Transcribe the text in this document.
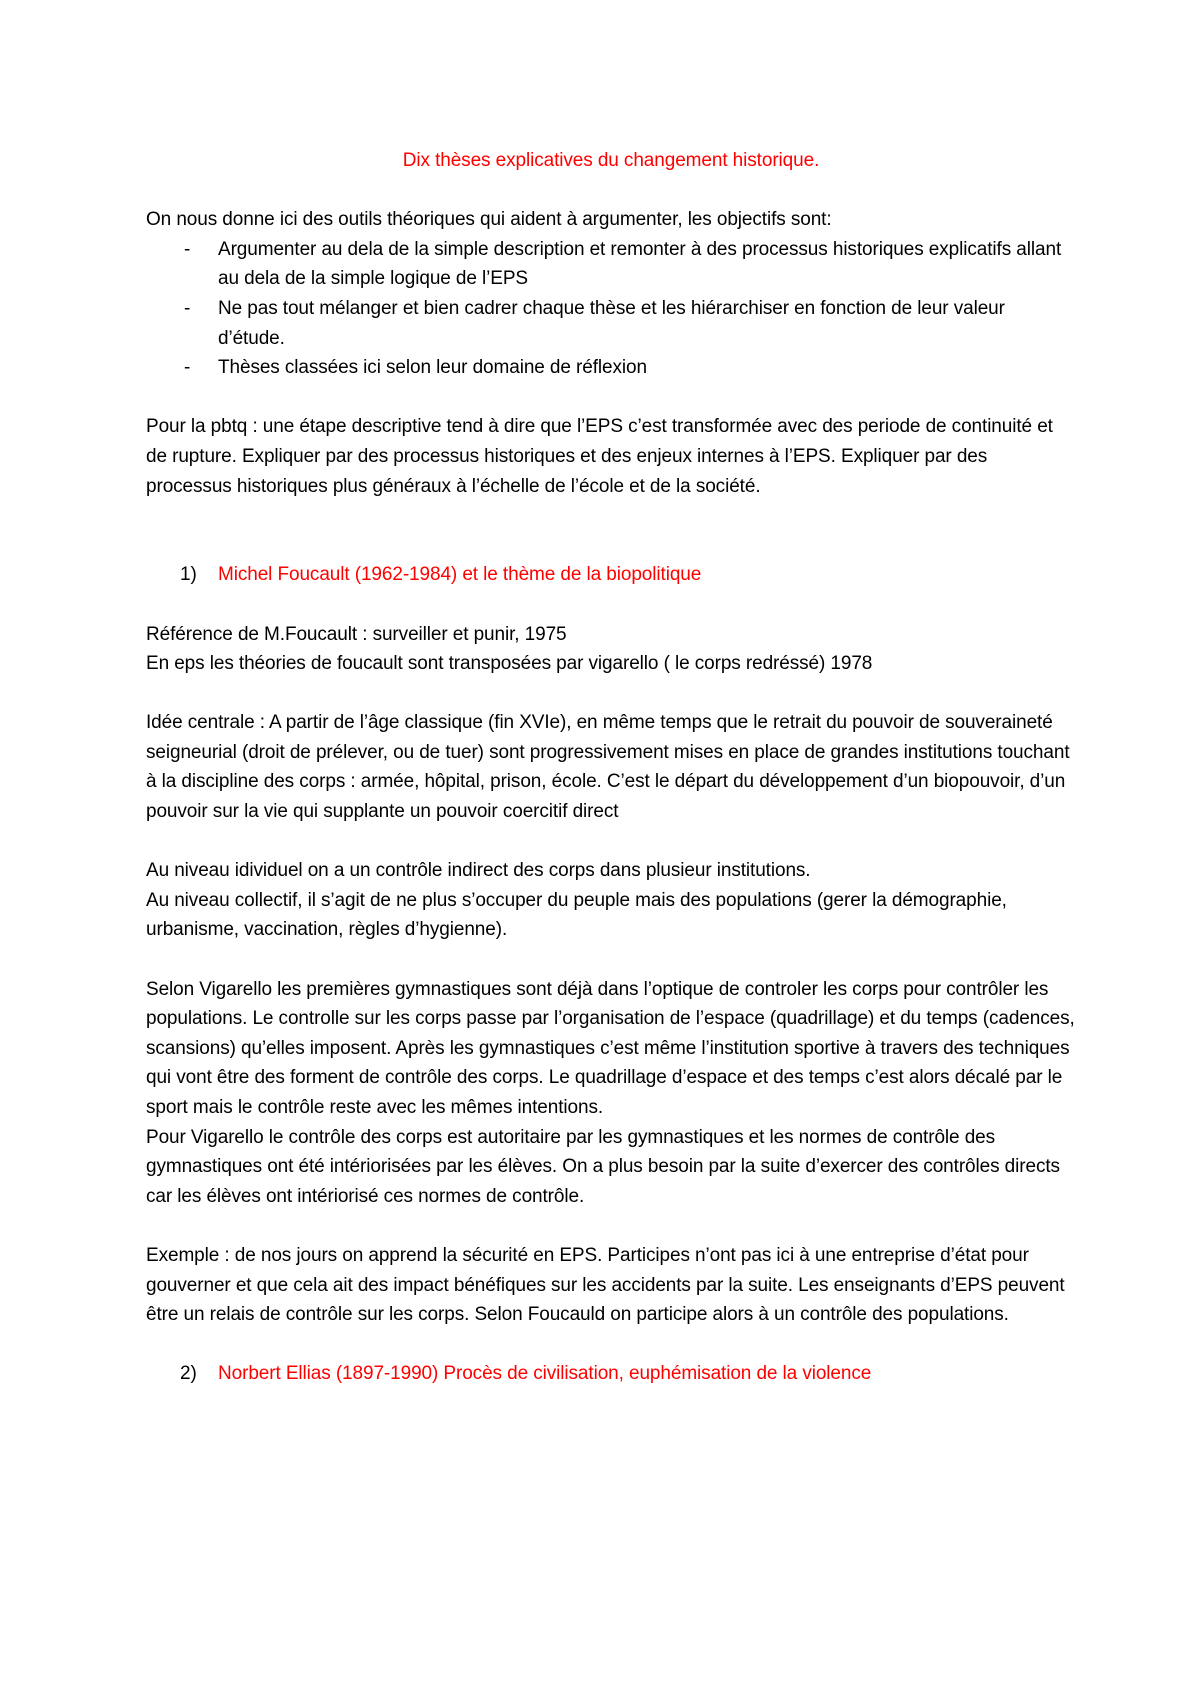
Dix thèses explicatives du changement historique.

On nous donne ici des outils théoriques qui aident à argumenter, les objectifs sont:

- Argumenter au dela de la simple description et remonter à des processus historiques explicatifs allant au dela de la simple logique de l’EPS
- Ne pas tout mélanger et bien cadrer chaque thèse et les hiérarchiser en fonction de leur valeur d’étude.
- Thèses classées ici selon leur domaine de réflexion

Pour la pbtq : une étape descriptive tend à dire que l’EPS c’est transformée avec des periode de continuité et de rupture. Expliquer par des processus historiques et des enjeux internes à l’EPS. Expliquer par des processus historiques plus généraux à l’échelle de l’école et de la société.

1) Michel Foucault (1962-1984) et le thème de la biopolitique

Référence de M.Foucault : surveiller et punir, 1975

En eps les théories de foucault sont transposées par vigarello ( le corps redréssé) 1978

Idée centrale : A partir de l’âge classique (fin XVIe), en même temps que le retrait du pouvoir de souveraineté seigneurial (droit de prélever, ou de tuer) sont progressivement mises en place de grandes institutions touchant à la discipline des corps : armée, hôpital, prison, école. C’est le départ du développement d’un biopouvoir, d’un pouvoir sur la vie qui supplante un pouvoir coercitif direct

Au niveau idividuel on a un contrôle indirect des corps dans plusieur institutions.

Au niveau collectif, il s’agit de ne plus s’occuper du peuple mais des populations (gerer la démographie, urbanisme, vaccination, règles d’hygienne).

Selon Vigarello les premières gymnastiques sont déjà dans l’optique de controler les corps pour contrôler les populations. Le controlle sur les corps passe par l’organisation de l’espace (quadrillage) et du temps (cadences, scansions) qu’elles imposent. Après les gymnastiques c’est même l’institution sportive à travers des techniques qui vont être des forment de contrôle des corps. Le quadrillage d’espace et des temps c’est alors décalé par le sport mais le contrôle reste avec les mêmes intentions.

Pour Vigarello le contrôle des corps est autoritaire par les gymnastiques et les normes de contrôle des gymnastiques ont été intériorisées par les élèves. On a plus besoin par la suite d’exercer des contrôles directs car les élèves ont intériorisé ces normes de contrôle.

Exemple : de nos jours on apprend la sécurité en EPS. Participes n’ont pas ici à une entreprise d’état pour gouverner et que cela ait des impact bénéfiques sur les accidents par la suite. Les enseignants d’EPS peuvent être un relais de contrôle sur les corps. Selon Foucauld on participe alors à un contrôle des populations.

2) Norbert Ellias (1897-1990) Procès de civilisation, euphémisation de la violence
